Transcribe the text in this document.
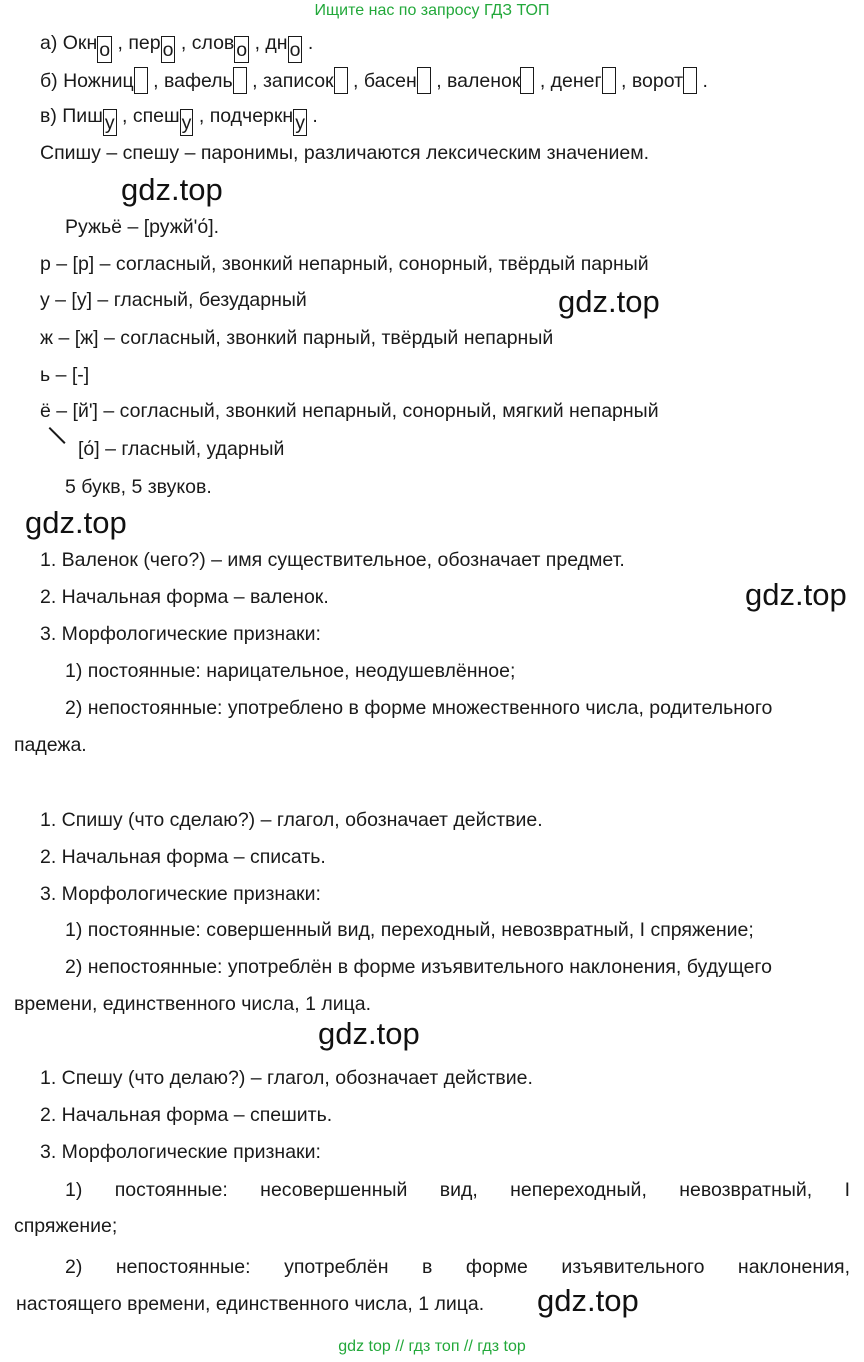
Ищите нас по запросу ГДЗ ТОП
а) Окн о , пер о , слов о , дн о .
б) Ножниц , вафель , записок , басен , валенок , денег , ворот .
в) Пиш у , спеш у , подчеркн у .
Спишу – спешу – паронимы, различаются лексическим значением.
gdz.top
Ружьё – [ружй'о́].
р – [р] – согласный, звонкий непарный, сонорный, твёрдый парный
у – [у] – гласный, безударный	gdz.top
ж – [ж] – согласный, звонкий парный, твёрдый непарный
ь – [-]
ё – [й'] – согласный, звонкий непарный, сонорный, мягкий непарный
[о́] – гласный, ударный
5 букв, 5 звуков.
gdz.top
1. Валенок (чего?) – имя существительное, обозначает предмет.
2. Начальная форма – валенок.	gdz.top
3. Морфологические признаки:
1) постоянные: нарицательное, неодушевлённое;
2) непостоянные: употреблено в форме множественного числа, родительного
падежа.
1. Спишу (что сделаю?) – глагол, обозначает действие.
2. Начальная форма – списать.
3. Морфологические признаки:
1) постоянные: совершенный вид, переходный, невозвратный, I спряжение;
2) непостоянные: употреблён в форме изъявительного наклонения, будущего
времени, единственного числа, 1 лица.
gdz.top
1. Спешу (что делаю?) – глагол, обозначает действие.
2. Начальная форма – спешить.
3. Морфологические признаки:
1) постоянные: несовершенный вид, непереходный, невозвратный, I
спряжение;
2) непостоянные: употреблён в форме изъявительного наклонения,
настоящего времени, единственного числа, 1 лица. gdz.top
gdz top // гдз топ // гдз top
